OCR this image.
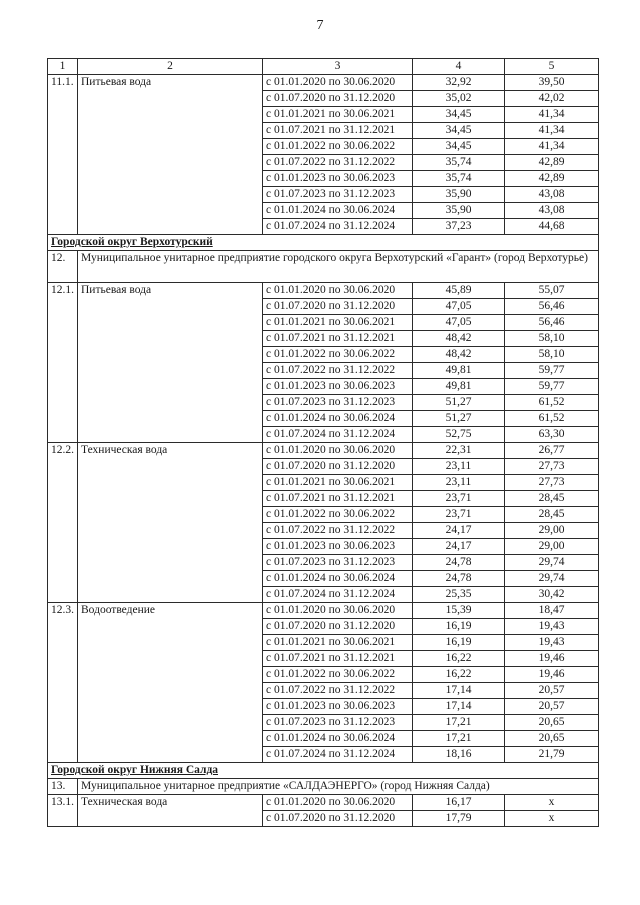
7
1	2	3	4	5
11.1.	Питьевая вода	с 01.01.2020 по 30.06.2020	32,92	39,50
		с 01.07.2020 по 31.12.2020	35,02	42,02
		с 01.01.2021 по 30.06.2021	34,45	41,34
		с 01.07.2021 по 31.12.2021	34,45	41,34
		с 01.01.2022 по 30.06.2022	34,45	41,34
		с 01.07.2022 по 31.12.2022	35,74	42,89
		с 01.01.2023 по 30.06.2023	35,74	42,89
		с 01.07.2023 по 31.12.2023	35,90	43,08
		с 01.01.2024 по 30.06.2024	35,90	43,08
		с 01.07.2024 по 31.12.2024	37,23	44,68
Городской округ Верхотурский				
12.	Муниципальное унитарное предприятие городского округа Верхотурский «Гарант» (город Верхотурье)			
12.1.	Питьевая вода	с 01.01.2020 по 30.06.2020	45,89	55,07
		с 01.07.2020 по 31.12.2020	47,05	56,46
		с 01.01.2021 по 30.06.2021	47,05	56,46
		с 01.07.2021 по 31.12.2021	48,42	58,10
		с 01.01.2022 по 30.06.2022	48,42	58,10
		с 01.07.2022 по 31.12.2022	49,81	59,77
		с 01.01.2023 по 30.06.2023	49,81	59,77
		с 01.07.2023 по 31.12.2023	51,27	61,52
		с 01.01.2024 по 30.06.2024	51,27	61,52
		с 01.07.2024 по 31.12.2024	52,75	63,30
12.2.	Техническая вода	с 01.01.2020 по 30.06.2020	22,31	26,77
		с 01.07.2020 по 31.12.2020	23,11	27,73
		с 01.01.2021 по 30.06.2021	23,11	27,73
		с 01.07.2021 по 31.12.2021	23,71	28,45
		с 01.01.2022 по 30.06.2022	23,71	28,45
		с 01.07.2022 по 31.12.2022	24,17	29,00
		с 01.01.2023 по 30.06.2023	24,17	29,00
		с 01.07.2023 по 31.12.2023	24,78	29,74
		с 01.01.2024 по 30.06.2024	24,78	29,74
		с 01.07.2024 по 31.12.2024	25,35	30,42
12.3.	Водоотведение	с 01.01.2020 по 30.06.2020	15,39	18,47
		с 01.07.2020 по 31.12.2020	16,19	19,43
		с 01.01.2021 по 30.06.2021	16,19	19,43
		с 01.07.2021 по 31.12.2021	16,22	19,46
		с 01.01.2022 по 30.06.2022	16,22	19,46
		с 01.07.2022 по 31.12.2022	17,14	20,57
		с 01.01.2023 по 30.06.2023	17,14	20,57
		с 01.07.2023 по 31.12.2023	17,21	20,65
		с 01.01.2024 по 30.06.2024	17,21	20,65
		с 01.07.2024 по 31.12.2024	18,16	21,79
Городской округ Нижняя Салда				
13.	Муниципальное унитарное предприятие «САЛДАЭНЕРГО» (город Нижняя Салда)			
13.1.	Техническая вода	с 01.01.2020 по 30.06.2020	16,17	x
		с 01.07.2020 по 31.12.2020	17,79	x
